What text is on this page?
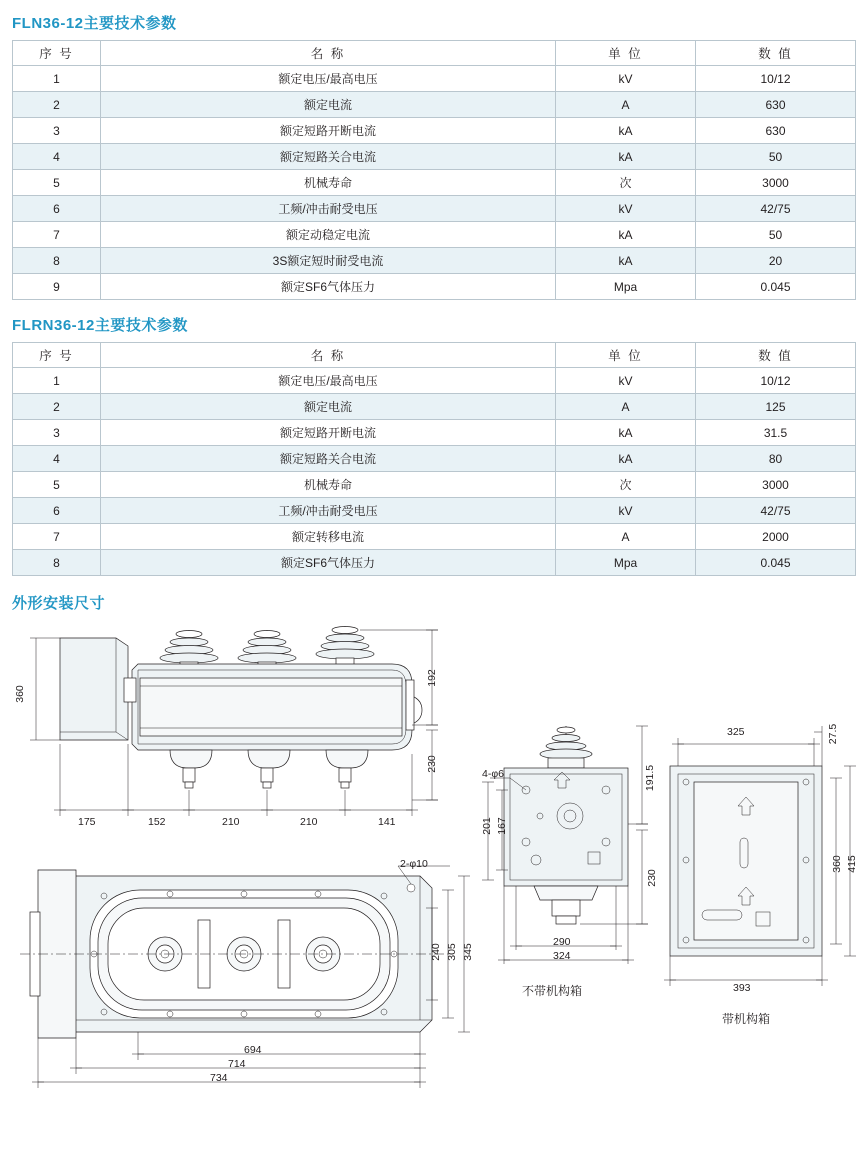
FLN36-12主要技术参数
序 号	名 称	单 位	数 值
1	额定电压/最高电压	kV	10/12
2	额定电流	A	630
3	额定短路开断电流	kA	630
4	额定短路关合电流	kA	50
5	机械寿命	次	3000
6	工频/冲击耐受电压	kV	42/75
7	额定动稳定电流	kA	50
8	3S额定短时耐受电流	kA	20
9	额定SF6气体压力	Mpa	0.045
FLRN36-12主要技术参数
序 号	名 称	单 位	数 值
1	额定电压/最高电压	kV	10/12
2	额定电流	A	125
3	额定短路开断电流	kA	31.5
4	额定短路关合电流	kA	80
5	机械寿命	次	3000
6	工频/冲击耐受电压	kV	42/75
7	额定转移电流	A	2000
8	额定SF6气体压力	Mpa	0.045
外形安装尺寸
360
192
230
175	152	210	210	141
2-φ10
240 305 345
694
714
734
4-φ6
201 167
191.5
230
290
324
不带机构箱
325	27.5
360 415
393
带机构箱
